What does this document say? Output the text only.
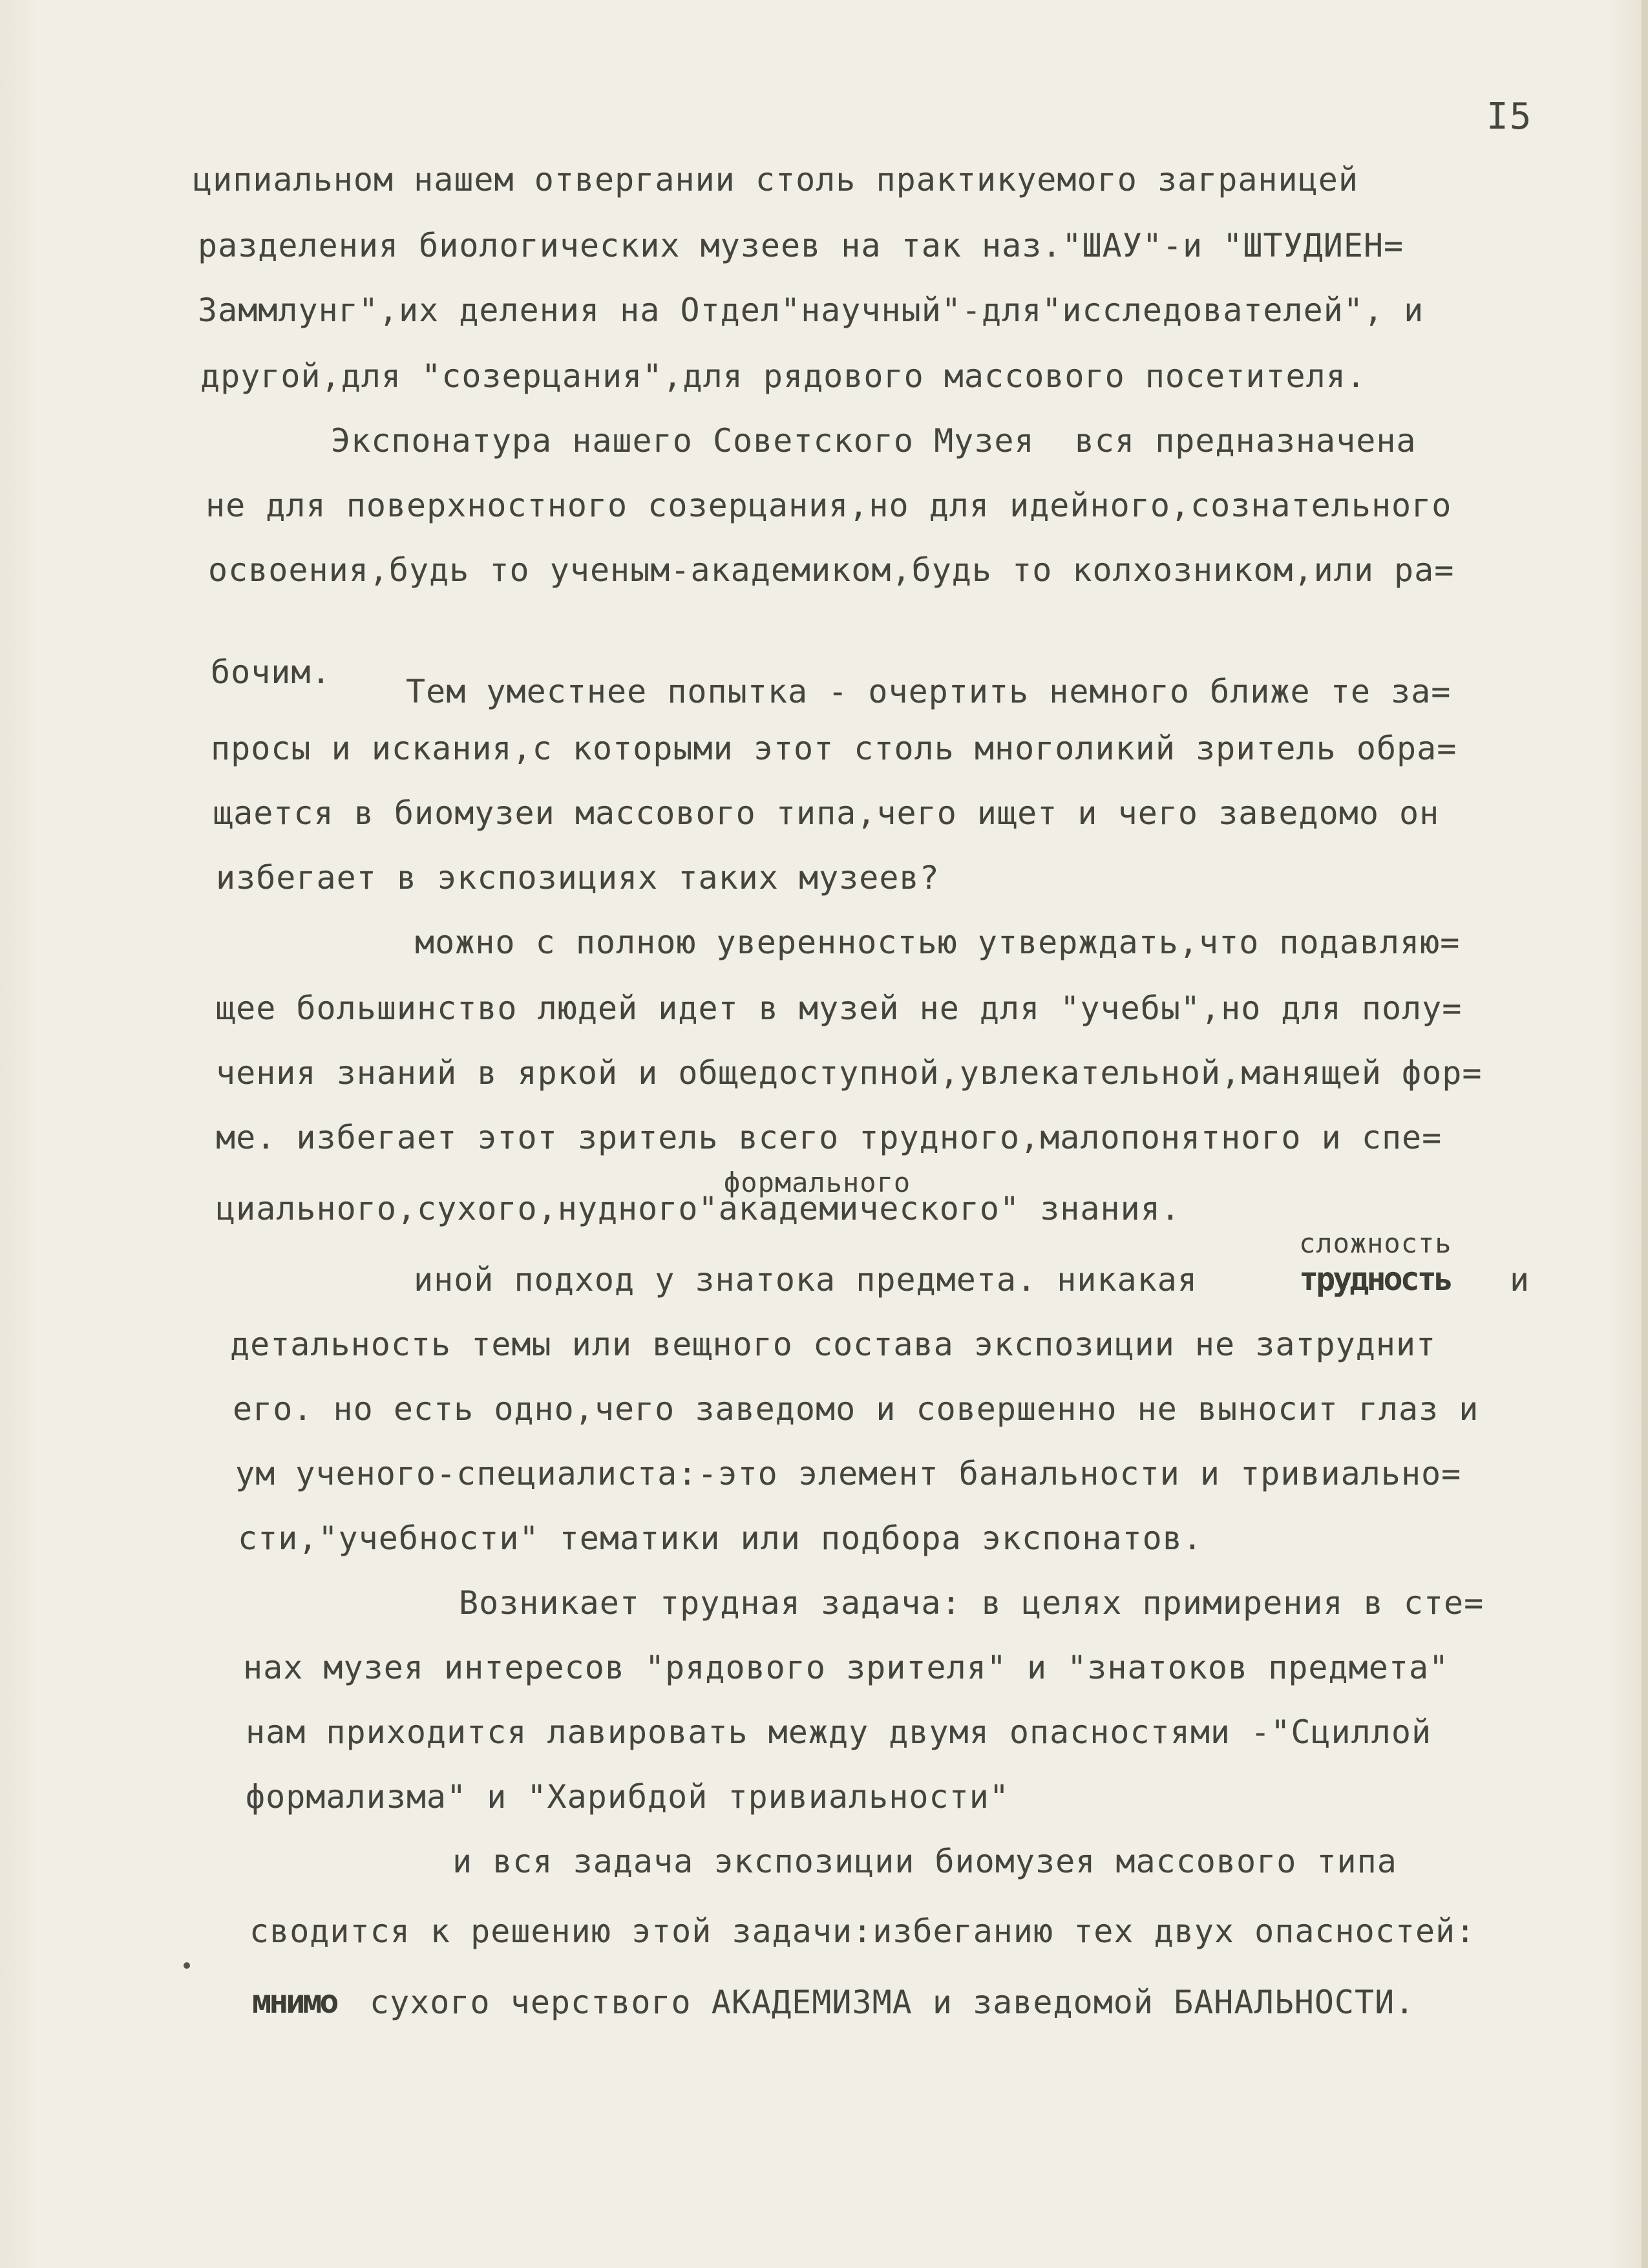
I5
ципиальном нашем отвергании столь практикуемого заграницей
разделения биологических музеев на так наз."ШАУ"-и "ШТУДИЕН=
Заммлунг",их деления на Отдел"научный"-для"исследователей", и
другой,для "созерцания",для рядового массового посетителя.
Экспонатура нашего Советского Музея  вся предназначена
не для поверхностного созерцания,но для идейного,сознательного
освоения,будь то ученым-академиком,будь то колхозником,или ра=
бочим.
Тем уместнее попытка - очертить немного ближе те за=
просы и искания,с которыми этот столь многоликий зритель обра=
щается в биомузеи массового типа,чего ищет и чего заведомо он
избегает в экспозициях таких музеев?
можно с полною уверенностью утверждать,что подавляю=
щее большинство людей идет в музей не для "учебы",но для полу=
чения знаний в яркой и общедоступной,увлекательной,манящей фор=
ме. избегает этот зритель всего трудного,малопонятного и спе=
формального
циального,сухого,нудного"академического" знания.
сложность
иной подход у знатока предмета. никакая	трудность и
детальность темы или вещного состава экспозиции не затруднит
его. но есть одно,чего заведомо и совершенно не выносит глаз и
ум ученого-специалиста:-это элемент банальности и тривиально=
сти,"учебности" тематики или подбора экспонатов.
Возникает трудная задача: в целях примирения в сте=
нах музея интересов "рядового зрителя" и "знатоков предмета"
нам приходится лавировать между двумя опасностями -"Сциллой
формализма" и "Харибдой тривиальности"
и вся задача экспозиции биомузея массового типа
сводится к решению этой задачи:избеганию тех двух опасностей:
мнимо сухого черствого АКАДЕМИЗМА и заведомой БАНАЛЬНОСТИ.
